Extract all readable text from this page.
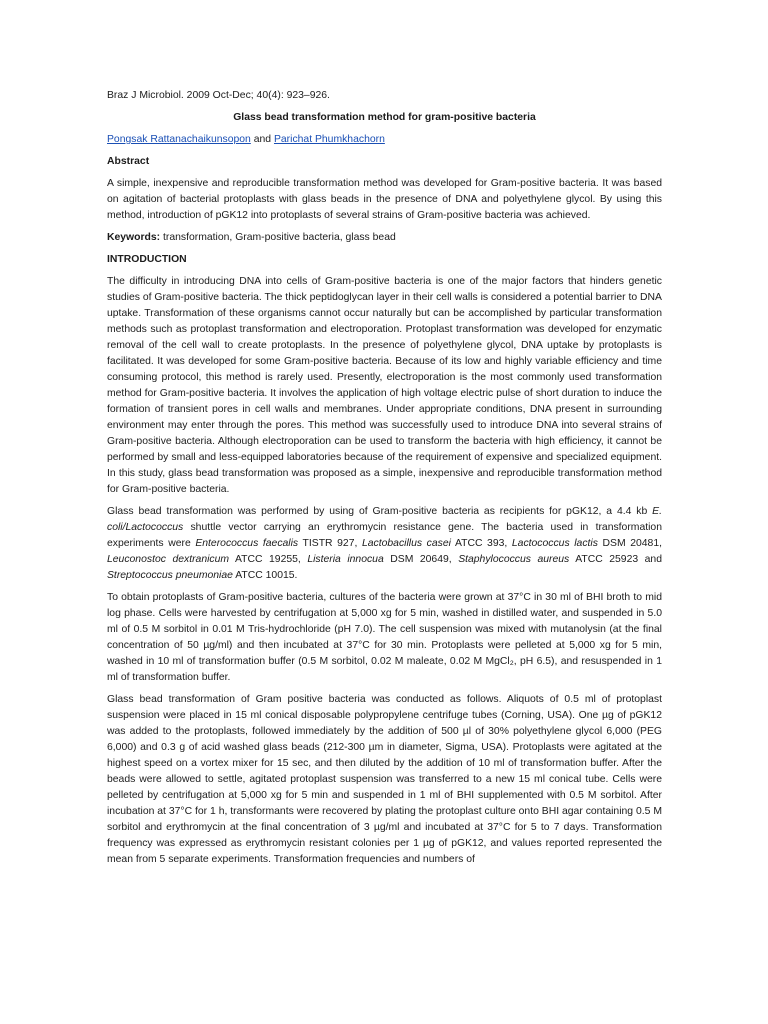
Braz J Microbiol. 2009 Oct-Dec; 40(4): 923–926.

Glass bead transformation method for gram-positive bacteria

Pongsak Rattanachaikunsopon and Parichat Phumkhachorn

Abstract

A simple, inexpensive and reproducible transformation method was developed for Gram-positive bacteria. It was based on agitation of bacterial protoplasts with glass beads in the presence of DNA and polyethylene glycol. By using this method, introduction of pGK12 into protoplasts of several strains of Gram-positive bacteria was achieved.

Keywords: transformation, Gram-positive bacteria, glass bead

INTRODUCTION

The difficulty in introducing DNA into cells of Gram-positive bacteria is one of the major factors that hinders genetic studies of Gram-positive bacteria. The thick peptidoglycan layer in their cell walls is considered a potential barrier to DNA uptake. Transformation of these organisms cannot occur naturally but can be accomplished by particular transformation methods such as protoplast transformation and electroporation. Protoplast transformation was developed for enzymatic removal of the cell wall to create protoplasts. In the presence of polyethylene glycol, DNA uptake by protoplasts is facilitated. It was developed for some Gram-positive bacteria. Because of its low and highly variable efficiency and time consuming protocol, this method is rarely used. Presently, electroporation is the most commonly used transformation method for Gram-positive bacteria. It involves the application of high voltage electric pulse of short duration to induce the formation of transient pores in cell walls and membranes. Under appropriate conditions, DNA present in surrounding environment may enter through the pores. This method was successfully used to introduce DNA into several strains of Gram-positive bacteria. Although electroporation can be used to transform the bacteria with high efficiency, it cannot be performed by small and less-equipped laboratories because of the requirement of expensive and specialized equipment. In this study, glass bead transformation was proposed as a simple, inexpensive and reproducible transformation method for Gram-positive bacteria.

Glass bead transformation was performed by using of Gram-positive bacteria as recipients for pGK12, a 4.4 kb E. coli/Lactococcus shuttle vector carrying an erythromycin resistance gene. The bacteria used in transformation experiments were Enterococcus faecalis TISTR 927, Lactobacillus casei ATCC 393, Lactococcus lactis DSM 20481, Leuconostoc dextranicum ATCC 19255, Listeria innocua DSM 20649, Staphylococcus aureus ATCC 25923 and Streptococcus pneumoniae ATCC 10015.

To obtain protoplasts of Gram-positive bacteria, cultures of the bacteria were grown at 37°C in 30 ml of BHI broth to mid log phase. Cells were harvested by centrifugation at 5,000 xg for 5 min, washed in distilled water, and suspended in 5.0 ml of 0.5 M sorbitol in 0.01 M Tris-hydrochloride (pH 7.0). The cell suspension was mixed with mutanolysin (at the final concentration of 50 µg/ml) and then incubated at 37°C for 30 min. Protoplasts were pelleted at 5,000 xg for 5 min, washed in 10 ml of transformation buffer (0.5 M sorbitol, 0.02 M maleate, 0.02 M MgCl₂, pH 6.5), and resuspended in 1 ml of transformation buffer.

Glass bead transformation of Gram positive bacteria was conducted as follows. Aliquots of 0.5 ml of protoplast suspension were placed in 15 ml conical disposable polypropylene centrifuge tubes (Corning, USA). One µg of pGK12 was added to the protoplasts, followed immediately by the addition of 500 µl of 30% polyethylene glycol 6,000 (PEG 6,000) and 0.3 g of acid washed glass beads (212-300 µm in diameter, Sigma, USA). Protoplasts were agitated at the highest speed on a vortex mixer for 15 sec, and then diluted by the addition of 10 ml of transformation buffer. After the beads were allowed to settle, agitated protoplast suspension was transferred to a new 15 ml conical tube. Cells were pelleted by centrifugation at 5,000 xg for 5 min and suspended in 1 ml of BHI supplemented with 0.5 M sorbitol. After incubation at 37°C for 1 h, transformants were recovered by plating the protoplast culture onto BHI agar containing 0.5 M sorbitol and erythromycin at the final concentration of 3 µg/ml and incubated at 37°C for 5 to 7 days. Transformation frequency was expressed as erythromycin resistant colonies per 1 µg of pGK12, and values reported represented the mean from 5 separate experiments. Transformation frequencies and numbers of
